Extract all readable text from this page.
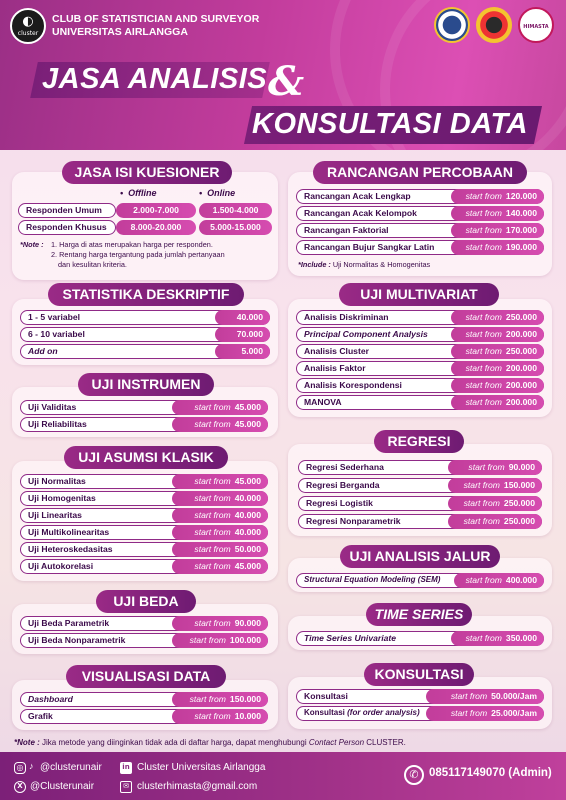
◐
cluster
CLUB OF STATISTICIAN AND SURVEYOR
UNIVERSITAS AIRLANGGA	HIMASTA
JASA ANALISIS &
KONSULTASI DATA
JASA ISI KUESIONER
•  Offline	•  Online
Responden Umum	2.000-7.000	1.500-4.000
Responden Khusus	8.000-20.000	5.000-15.000
*Note : 1. Harga di atas merupakan harga per responden.
2. Rentang harga tergantung pada jumlah pertanyaan
dan kesulitan kriteria.
STATISTIKA DESKRIPTIF
1 - 5 variabel	40.000
6 - 10 variabel	70.000
Add on	5.000
UJI INSTRUMEN
Uji Validitas	start from 45.000
Uji Reliabilitas	start from 45.000
UJI ASUMSI KLASIK
Uji Normalitas	start from 45.000
Uji Homogenitas	start from 40.000
Uji Linearitas	start from 40.000
Uji Multikolinearitas	start from 40.000
Uji Heteroskedasitas	start from 50.000
Uji Autokorelasi	start from 45.000
UJI BEDA
Uji Beda Parametrik	start from 90.000
Uji Beda Nonparametrik	start from 100.000
VISUALISASI DATA
Dashboard	start from 150.000
Grafik	start from 10.000
RANCANGAN PERCOBAAN
Rancangan Acak Lengkap	start from 120.000
Rancangan Acak Kelompok	start from 140.000
Rancangan Faktorial	start from 170.000
Rancangan Bujur Sangkar Latin	start from 190.000
*Include : Uji Normalitas & Homogenitas
UJI MULTIVARIAT
Analisis Diskriminan	start from 250.000
Principal Component Analysis	start from 200.000
Analisis Cluster	start from 250.000
Analisis Faktor	start from 200.000
Analisis Korespondensi	start from 200.000
MANOVA	start from 200.000
REGRESI
Regresi Sederhana	start from 90.000
Regresi Berganda	start from 150.000
Regresi Logistik	start from 250.000
Regresi Nonparametrik	start from 250.000
UJI ANALISIS JALUR
Structural Equation Modeling (SEM)	start from 400.000
TIME SERIES
Time Series Univariate	start from 350.000
KONSULTASI
Konsultasi	start from 50.000/Jam
Konsultasi (for order analysis)	start from 25.000/Jam
*Note : Jika metode yang diinginkan tidak ada di daftar harga, dapat menghubungi Contact Person CLUSTER.
◎ ♪ @clusterunair
X @Clusterunair
in Cluster Universitas Airlangga
✉ clusterhimasta@gmail.com
✆ 085117149070 (Admin)
